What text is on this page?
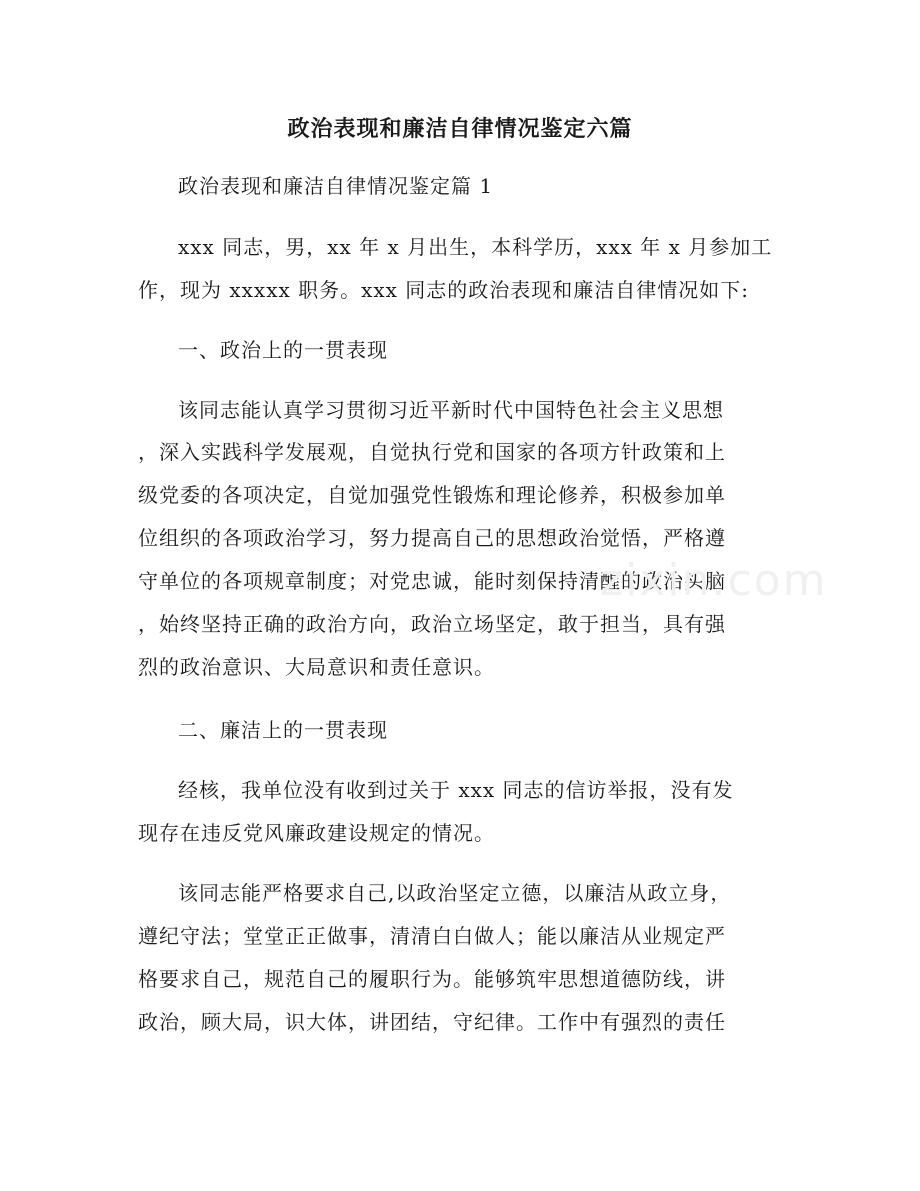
政治表现和廉洁自律情况鉴定六篇
政治表现和廉洁自律情况鉴定篇 1
xxx 同志，男，xx 年 x 月出生，本科学历，xxx 年 x 月参加工
作，现为 xxxxx 职务。xxx 同志的政治表现和廉洁自律情况如下:
一、政治上的一贯表现
该同志能认真学习贯彻习近平新时代中国特色社会主义思想
，深入实践科学发展观，自觉执行党和国家的各项方针政策和上
级党委的各项决定，自觉加强党性锻炼和理论修养，积极参加单
位组织的各项政治学习，努力提高自己的思想政治觉悟，严格遵
守单位的各项规章制度；对党忠诚，能时刻保持清醒的政治头脑
，始终坚持正确的政治方向，政治立场坚定，敢于担当，具有强
烈的政治意识、大局意识和责任意识。
二、廉洁上的一贯表现
经核，我单位没有收到过关于 xxx 同志的信访举报，没有发
现存在违反党风廉政建设规定的情况。
该同志能严格要求自己,以政治坚定立德，以廉洁从政立身，
遵纪守法；堂堂正正做事，清清白白做人；能以廉洁从业规定严
格要求自己，规范自己的履职行为。能够筑牢思想道德防线，讲
政治，顾大局，识大体，讲团结，守纪律。工作中有强烈的责任
zixin.com
